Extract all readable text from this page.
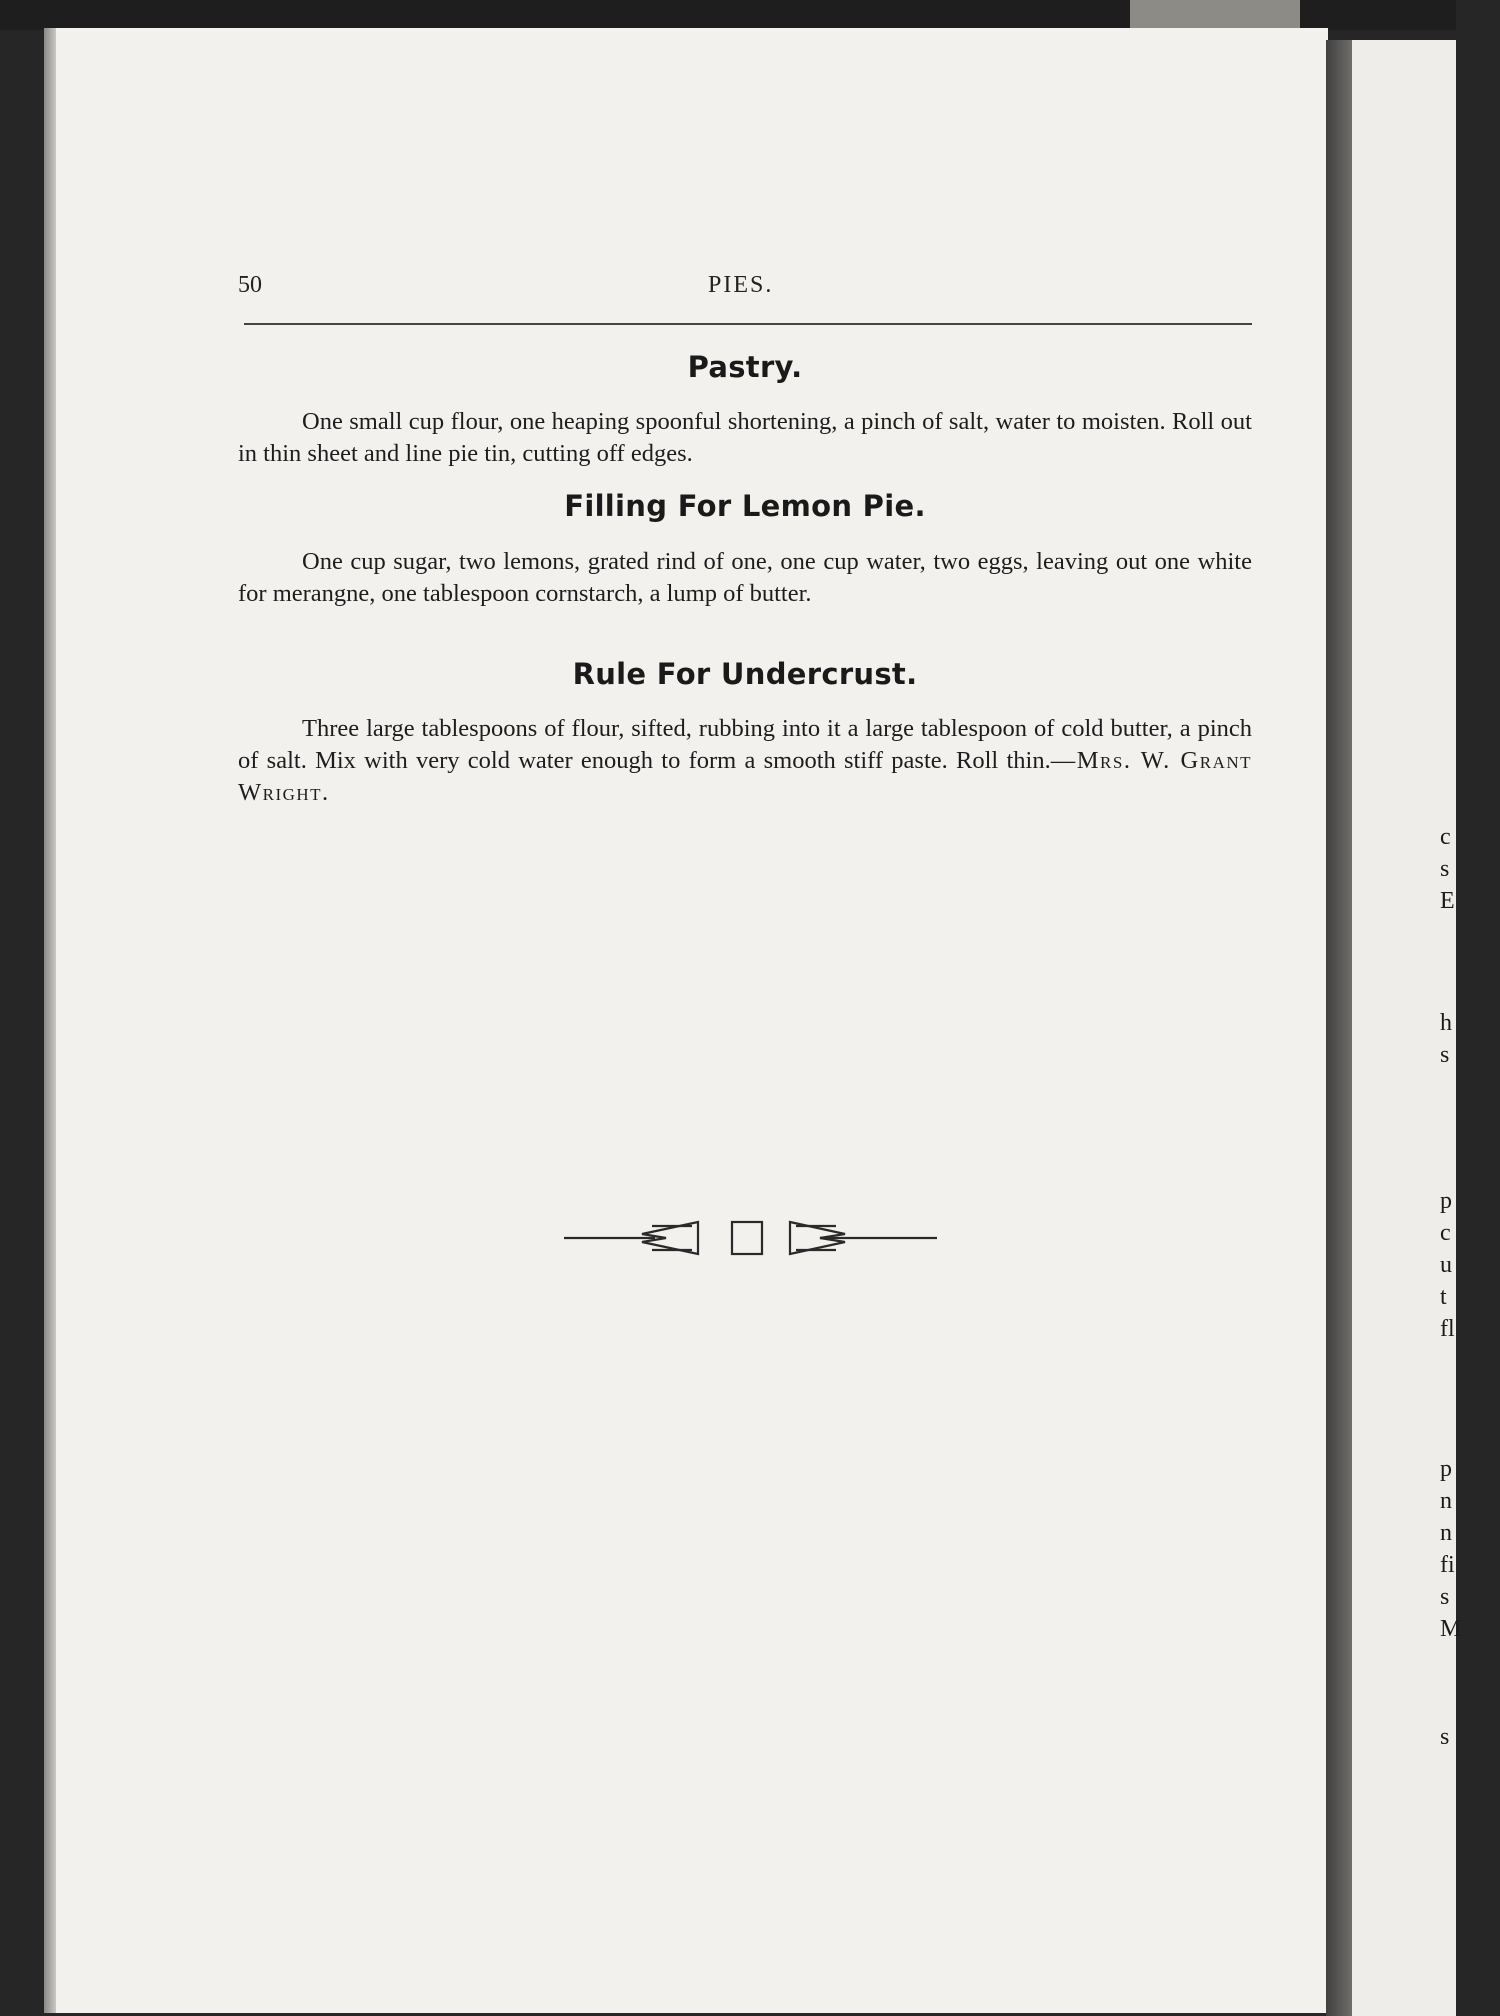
c
s
E
h
s
p
c
u
t
fl
p
n
n
fi
s
M
s
50	PIES.
Pastry.
One small cup flour, one heaping spoonful shortening, a pinch of salt, water to moisten. Roll out in thin sheet and line pie tin, cutting off edges.
Filling For Lemon Pie.
One cup sugar, two lemons, grated rind of one, one cup water, two eggs, leaving out one white for merangne, one tablespoon cornstarch, a lump of butter.
Rule For Undercrust.
Three large tablespoons of flour, sifted, rubbing into it a large tablespoon of cold butter, a pinch of salt. Mix with very cold water enough to form a smooth stiff paste. Roll thin.—Mrs. W. Grant Wright.
